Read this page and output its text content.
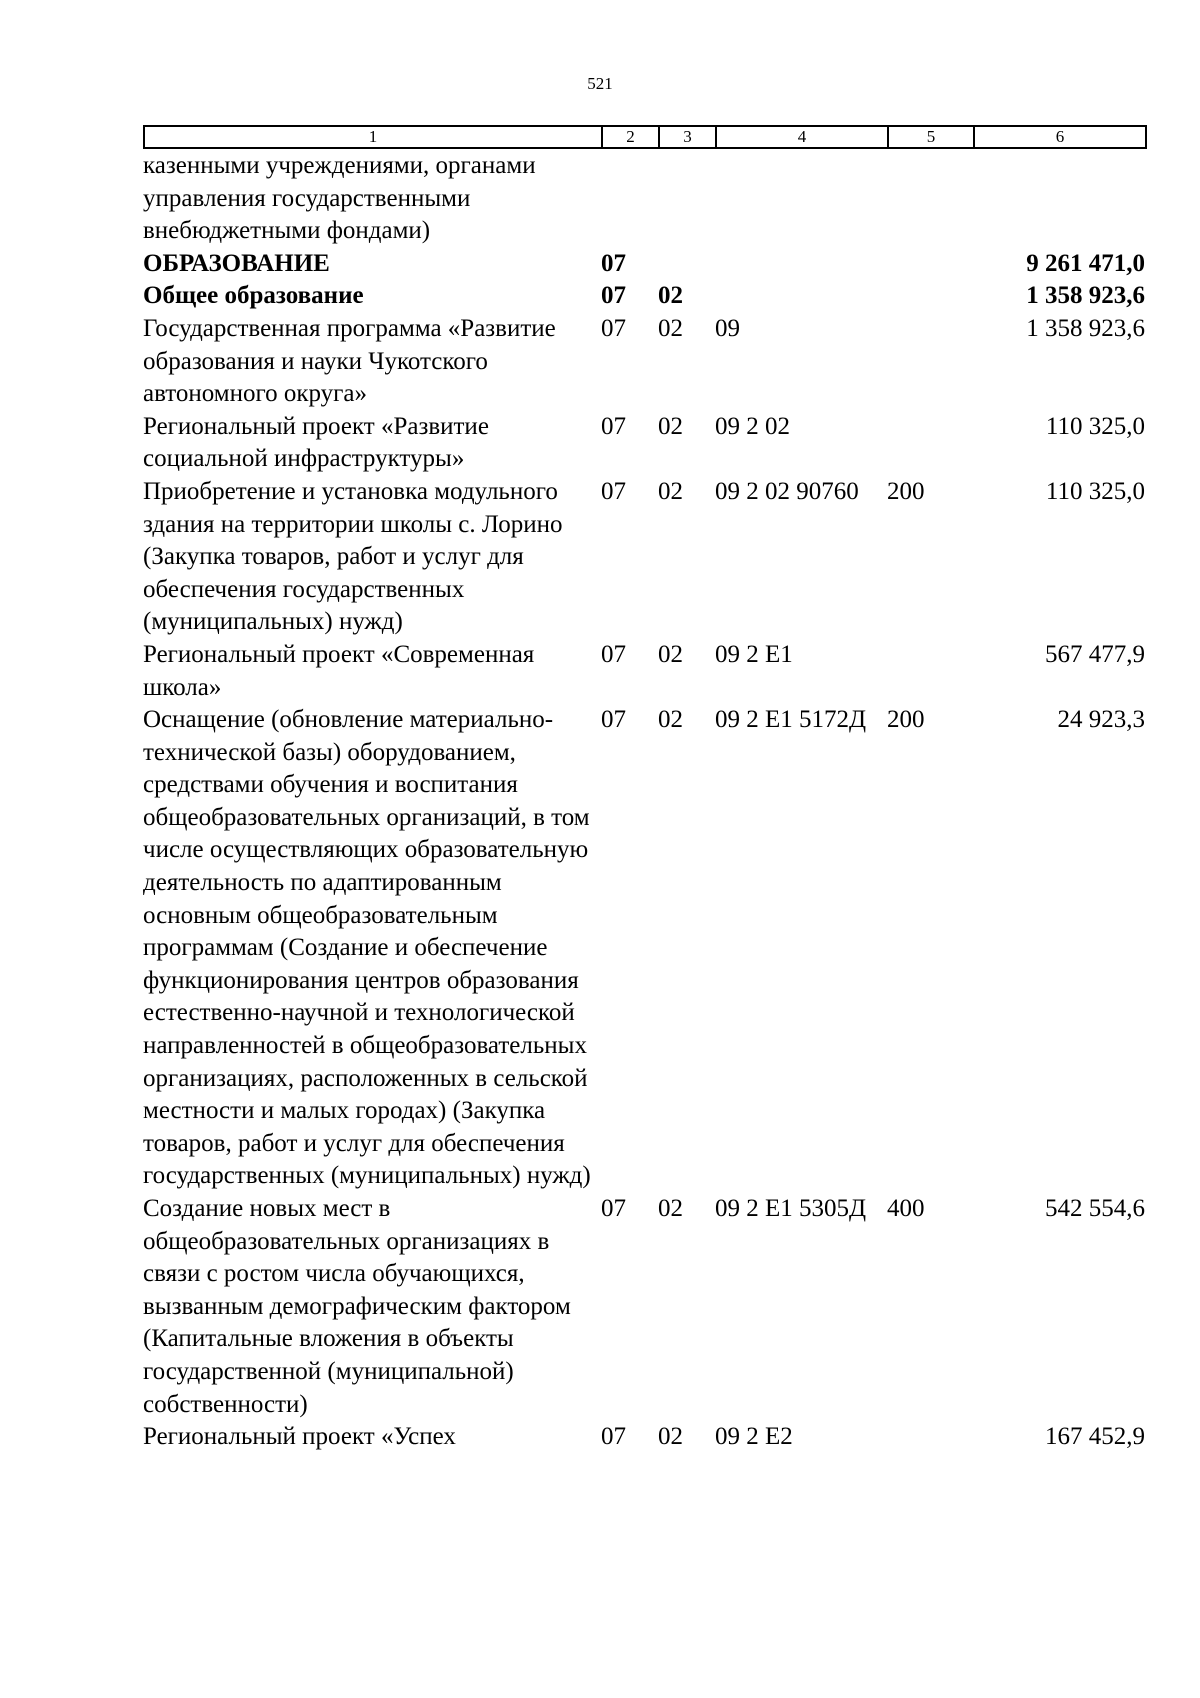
521
1	2	3	4	5	6
казенными учреждениями, органами управления государственными внебюджетными фондами)					
ОБРАЗОВАНИЕ	07				9 261 471,0
Общее образование	07	02			1 358 923,6
Государственная программа «Развитие образования и науки Чукотского автономного округа»	07	02	09		1 358 923,6
Региональный проект «Развитие социальной инфраструктуры»	07	02	09 2 02		110 325,0
Приобретение и установка модульного здания на территории школы с. Лорино (Закупка товаров, работ и услуг для обеспечения государственных (муниципальных) нужд)	07	02	09 2 02 90760	200	110 325,0
Региональный проект «Современная школа»	07	02	09 2 E1		567 477,9
Оснащение (обновление материально-технической базы) оборудованием, средствами обучения и воспитания общеобразовательных организаций, в том числе осуществляющих образовательную деятельность по адаптированным основным общеобразовательным программам (Создание и обеспечение функционирования центров образования естественно-научной и технологической направленностей в общеобразовательных организациях, расположенных в сельской местности и малых городах) (Закупка товаров, работ и услуг для обеспечения государственных (муниципальных) нужд)	07	02	09 2 E1 5172Д	200	24 923,3
Создание новых мест в общеобразовательных организациях в связи с ростом числа обучающихся, вызванным демографическим фактором (Капитальные вложения в объекты государственной (муниципальной) собственности)	07	02	09 2 E1 5305Д	400	542 554,6
Региональный проект «Успех	07	02	09 2 E2		167 452,9
